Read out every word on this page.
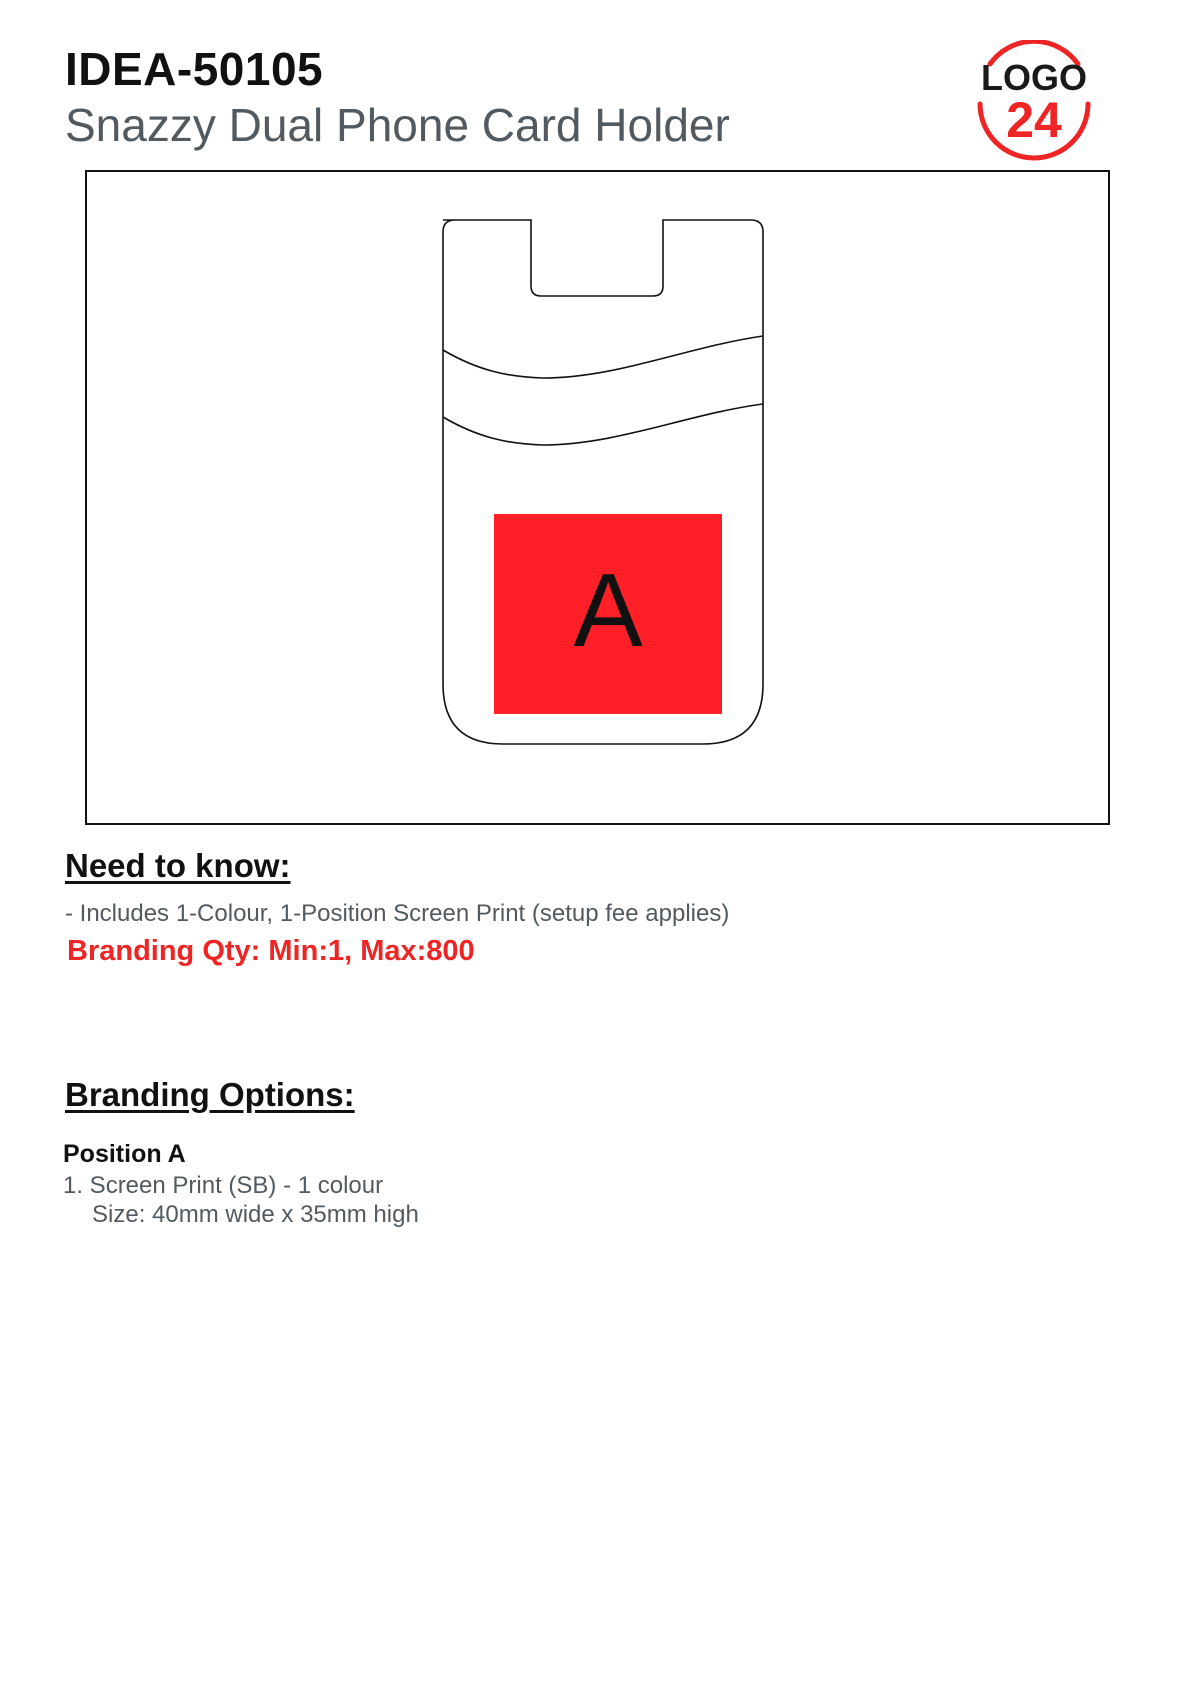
IDEA-50105
Snazzy Dual Phone Card Holder
LOGO
24
A
Need to know:
- Includes 1-Colour, 1-Position Screen Print (setup fee applies)
Branding Qty: Min:1, Max:800
Branding Options:
Position A
1. Screen Print (SB) - 1 colour
Size: 40mm wide x 35mm high
